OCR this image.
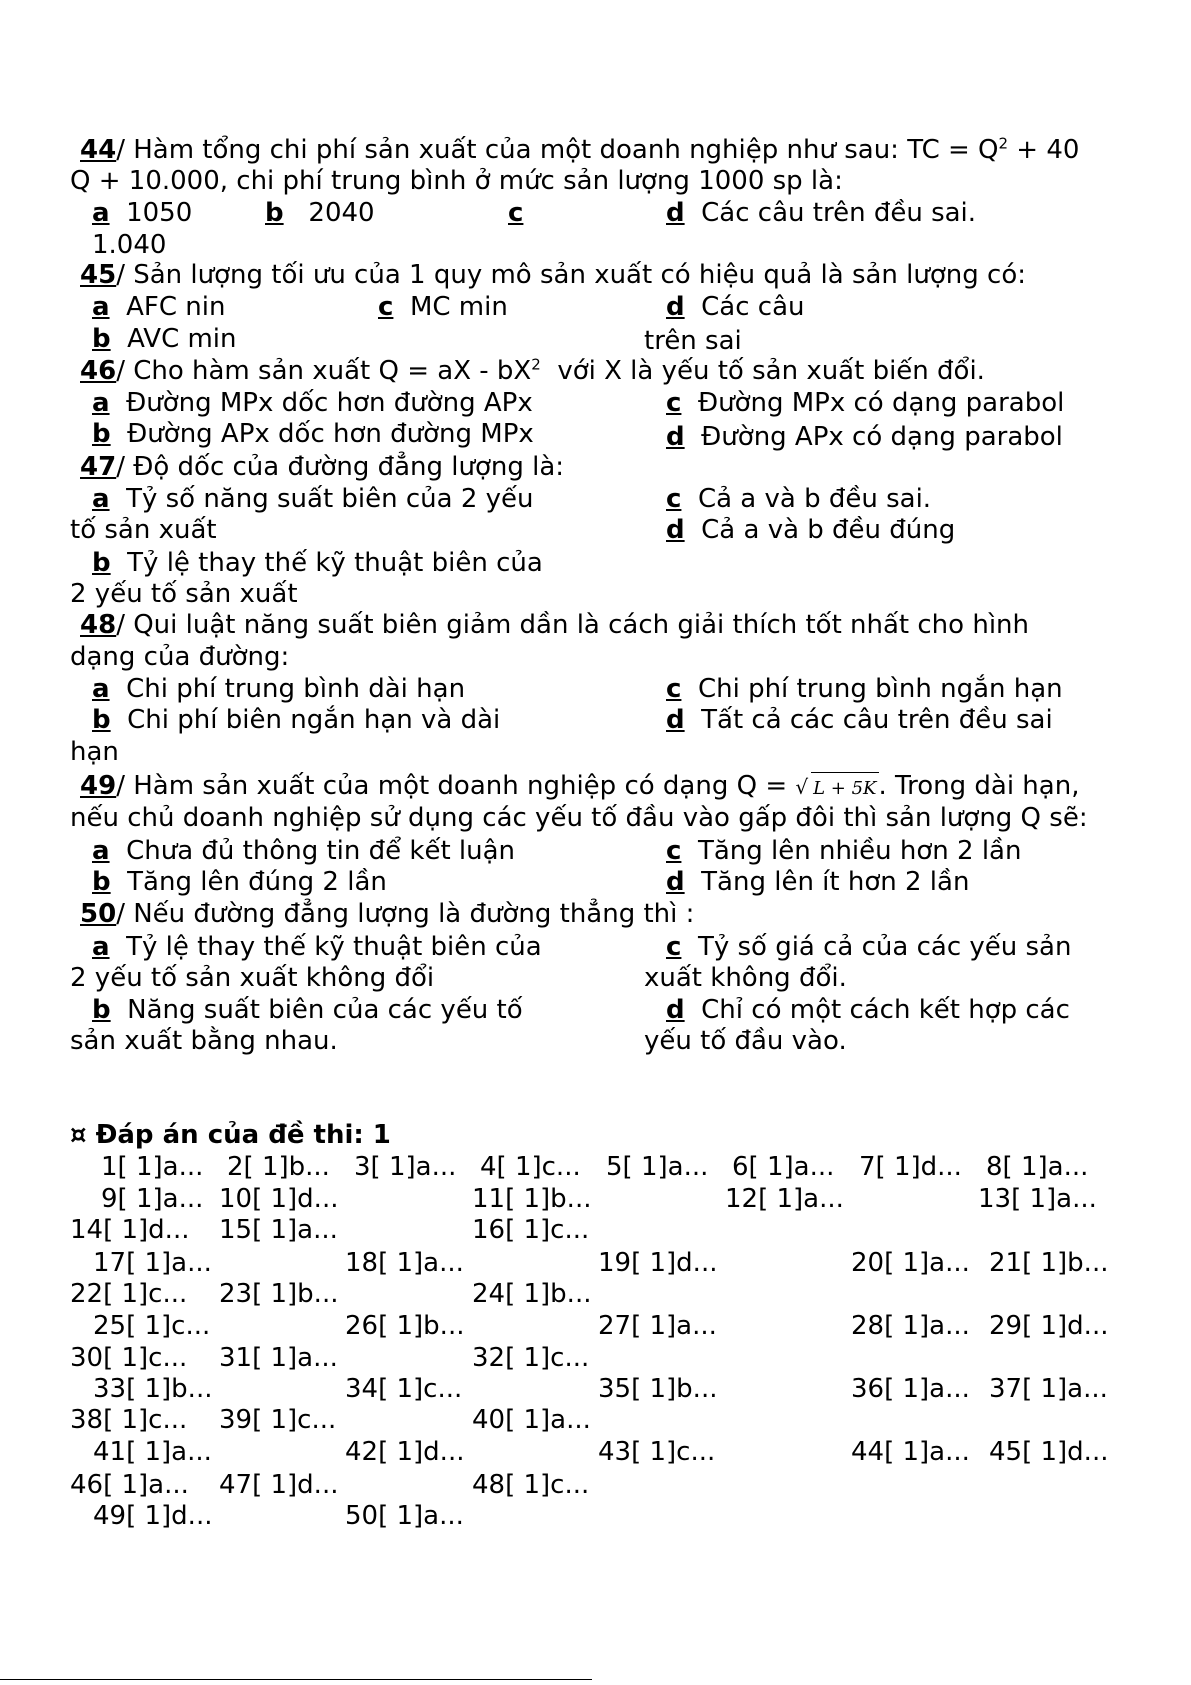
44/ Hàm tổng chi phí sản xuất của một doanh nghiệp như sau: TC = $Q^2 + 40$
Q + 10.000, chi phí trung bình ở mức sản lượng 1000 sp là:
a 1050	b 2040	c	d Các câu trên đều sai.
1.040
45/ Sản lượng tối ưu của 1 quy mô sản xuất có hiệu quả là sản lượng có:
a AFC nin	c MC min	d Các câu
b AVC min	trên sai
46/ Cho hàm sản xuất Q = aX - $bX^2$  với X là yếu tố sản xuất biến đổi.
a Đường MPx dốc hơn đường APx	c Đường MPx có dạng parabol
b Đường APx dốc hơn đường MPx	d Đường APx có dạng parabol
47/ Độ dốc của đường đẳng lượng là:
a Tỷ số năng suất biên của 2 yếu	c Cả a và b đều sai.
tố sản xuất	d Cả a và b đều đúng
b Tỷ lệ thay thế kỹ thuật biên của
2 yếu tố sản xuất
48/ Qui luật năng suất biên giảm dần là cách giải thích tốt nhất cho hình
dạng của đường:
a Chi phí trung bình dài hạn	c Chi phí trung bình ngắn hạn
b Chi phí biên ngắn hạn và dài	d Tất cả các câu trên đều sai
hạn
49/ Hàm sản xuất của một doanh nghiệp có dạng Q = √ L + 5K. Trong dài hạn,
nếu chủ doanh nghiệp sử dụng các yếu tố đầu vào gấp đôi thì sản lượng Q sẽ:
a Chưa đủ thông tin để kết luận	c Tăng lên nhiều hơn 2 lần
b Tăng lên đúng 2 lần	d Tăng lên ít hơn 2 lần
50/ Nếu đường đẳng lượng là đường thẳng thì :
a Tỷ lệ thay thế kỹ thuật biên của	c Tỷ số giá cả của các yếu sản
2 yếu tố sản xuất không đổi	xuất không đổi.
b Năng suất biên của các yếu tố	d Chỉ có một cách kết hợp các
sản xuất bằng nhau.	yếu tố đầu vào.
¤ Đáp án của đề thi: 1
1[ 1]a... 2[ 1]b... 3[ 1]a... 4[ 1]c... 5[ 1]a... 6[ 1]a... 7[ 1]d... 8[ 1]a...
9[ 1]a... 10[ 1]d...	11[ 1]b...	12[ 1]a...	13[ 1]a...
14[ 1]d... 15[ 1]a...	16[ 1]c...
17[ 1]a...	18[ 1]a...	19[ 1]d...	20[ 1]a... 21[ 1]b...
22[ 1]c... 23[ 1]b...	24[ 1]b...
25[ 1]c...	26[ 1]b...	27[ 1]a...	28[ 1]a... 29[ 1]d...
30[ 1]c... 31[ 1]a...	32[ 1]c...
33[ 1]b...	34[ 1]c...	35[ 1]b...	36[ 1]a... 37[ 1]a...
38[ 1]c... 39[ 1]c...	40[ 1]a...
41[ 1]a...	42[ 1]d...	43[ 1]c...	44[ 1]a... 45[ 1]d...
46[ 1]a... 47[ 1]d...	48[ 1]c...
49[ 1]d...	50[ 1]a...
